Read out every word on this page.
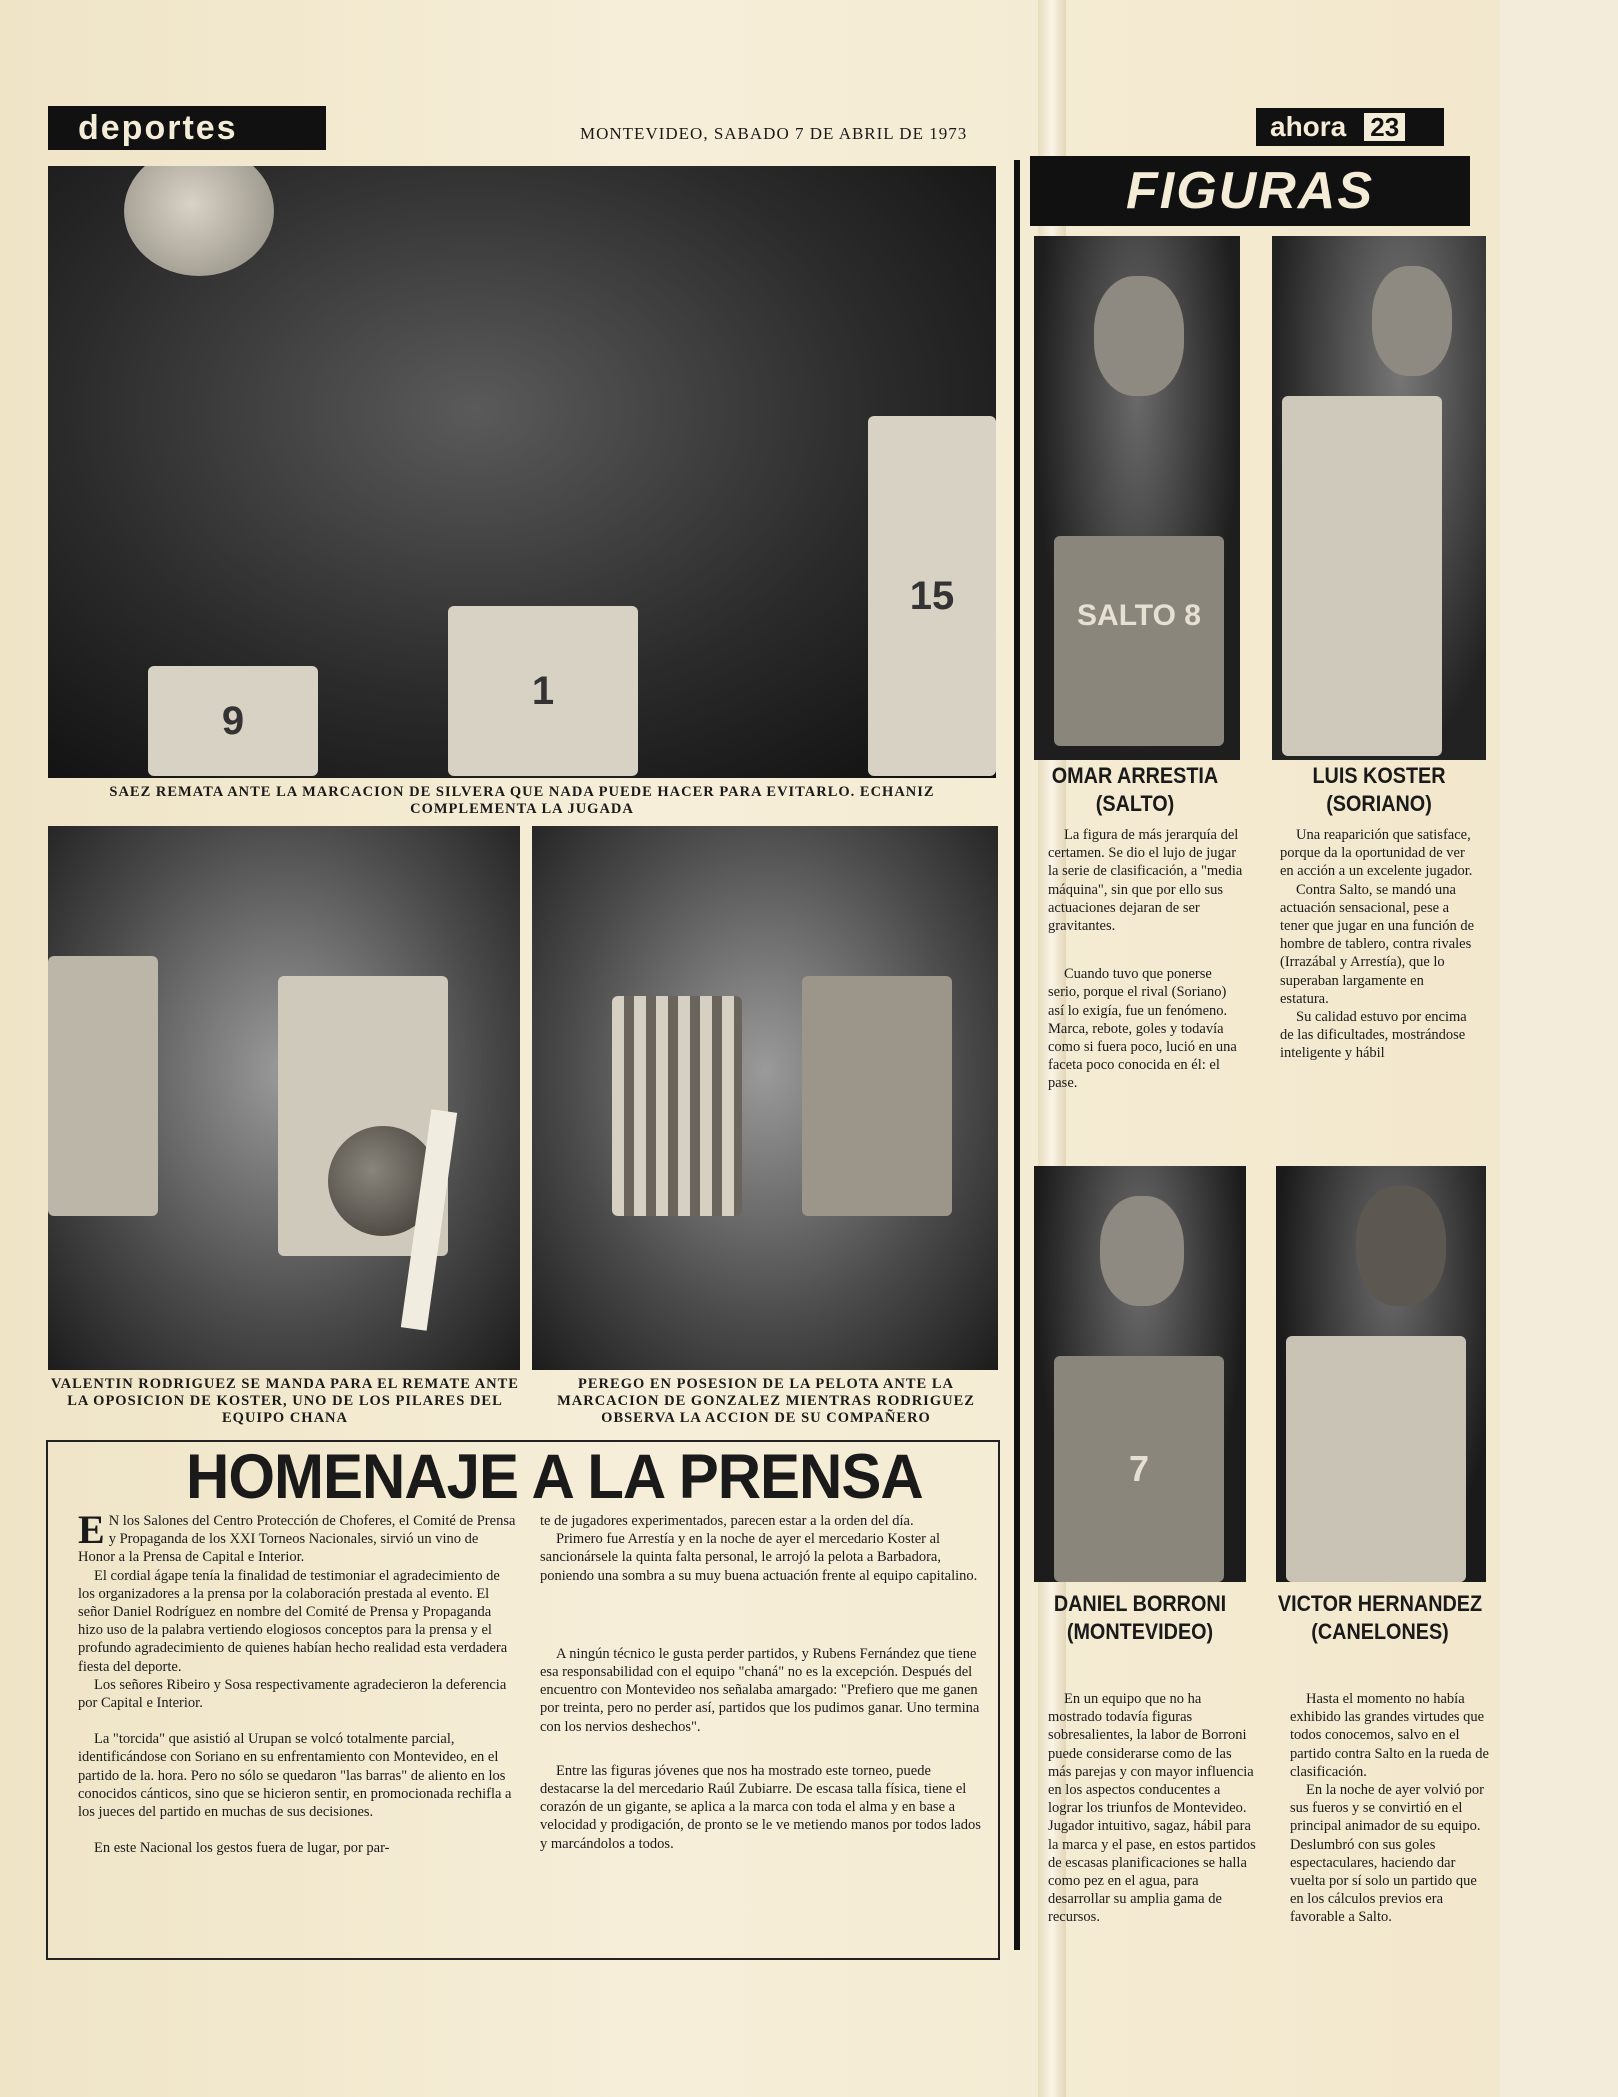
deportes	MONTEVIDEO, SABADO 7 DE ABRIL DE 1973	ahora 23
9
1
15
SAEZ REMATA ANTE LA MARCACION DE SILVERA QUE NADA PUEDE HACER PARA EVITARLO. ECHANIZ COMPLEMENTA LA JUGADA
VALENTIN RODRIGUEZ SE MANDA PARA EL REMATE ANTE LA OPOSICION DE KOSTER, UNO DE LOS PILARES DEL EQUIPO CHANA
PEREGO EN POSESION DE LA PELOTA ANTE LA MARCACION DE GONZALEZ MIENTRAS RODRIGUEZ OBSERVA LA ACCION DE SU COMPAÑERO
HOMENAJE A LA PRENSA

E N los Salones del Centro Protección de Choferes, el Comité de Prensa y Propaganda de los XXI Torneos Nacionales, sirvió un vino de Honor a la Prensa de Capital e Interior.

El cordial ágape tenía la finalidad de testimoniar el agradecimiento de los organizadores a la prensa por la colaboración prestada al evento. El señor Daniel Rodríguez en nombre del Comité de Prensa y Propaganda hizo uso de la palabra vertiendo elogiosos conceptos para la prensa y el profundo agradecimiento de quienes habían hecho realidad esta verdadera fiesta del deporte.

Los señores Ribeiro y Sosa respectivamente agradecieron la deferencia por Capital e Interior.

La "torcida" que asistió al Urupan se volcó totalmente parcial, identificándose con Soriano en su enfrentamiento con Montevideo, en el partido de la. hora. Pero no sólo se quedaron "las barras" de aliento en los conocidos cánticos, sino que se hicieron sentir, en promocionada rechifla a los jueces del partido en muchas de sus decisiones.

En este Nacional los gestos fuera de lugar, por par-

te de jugadores experimentados, parecen estar a la orden del día.

Primero fue Arrestía y en la noche de ayer el mercedario Koster al sancionársele la quinta falta personal, le arrojó la pelota a Barbadora, poniendo una sombra a su muy buena actuación frente al equipo capitalino.

A ningún técnico le gusta perder partidos, y Rubens Fernández que tiene esa responsabilidad con el equipo "chaná" no es la excepción. Después del encuentro con Montevideo nos señalaba amargado: "Prefiero que me ganen por treinta, pero no perder así, partidos que los pudimos ganar. Uno termina con los nervios deshechos".

Entre las figuras jóvenes que nos ha mostrado este torneo, puede destacarse la del mercedario Raúl Zubiarre. De escasa talla física, tiene el corazón de un gigante, se aplica a la marca con toda el alma y en base a velocidad y prodigación, de pronto se le ve metiendo manos por todos lados y marcándolos a todos.

FIGURAS
SALTO 8
OMAR ARRESTIA
(SALTO)

La figura de más jerarquía del certamen. Se dio el lujo de jugar la serie de clasificación, a "media máquina", sin que por ello sus actuaciones dejaran de ser gravitantes.

Cuando tuvo que ponerse serio, porque el rival (Soriano) así lo exigía, fue un fenómeno. Marca, rebote, goles y todavía como si fuera poco, lució en una faceta poco conocida en él: el pase.

LUIS KOSTER
(SORIANO)

Una reaparición que satisface, porque da la oportunidad de ver en acción a un excelente jugador.

Contra Salto, se mandó una actuación sensacional, pese a tener que jugar en una función de hombre de tablero, contra rivales (Irrazábal y Arrestía), que lo superaban largamente en estatura.

Su calidad estuvo por encima de las dificultades, mostrándose inteligente y hábil

7
DANIEL BORRONI
(MONTEVIDEO)

En un equipo que no ha mostrado todavía figuras sobresalientes, la labor de Borroni puede considerarse como de las más parejas y con mayor influencia en los aspectos conducentes a lograr los triunfos de Montevideo. Jugador intuitivo, sagaz, hábil para la marca y el pase, en estos partidos de escasas planificaciones se halla como pez en el agua, para desarrollar su amplia gama de recursos.

VICTOR HERNANDEZ
(CANELONES)

Hasta el momento no había exhibido las grandes virtudes que todos conocemos, salvo en el partido contra Salto en la rueda de clasificación.

En la noche de ayer volvió por sus fueros y se convirtió en el principal animador de su equipo. Deslumbró con sus goles espectaculares, haciendo dar vuelta por sí solo un partido que en los cálculos previos era favorable a Salto.
